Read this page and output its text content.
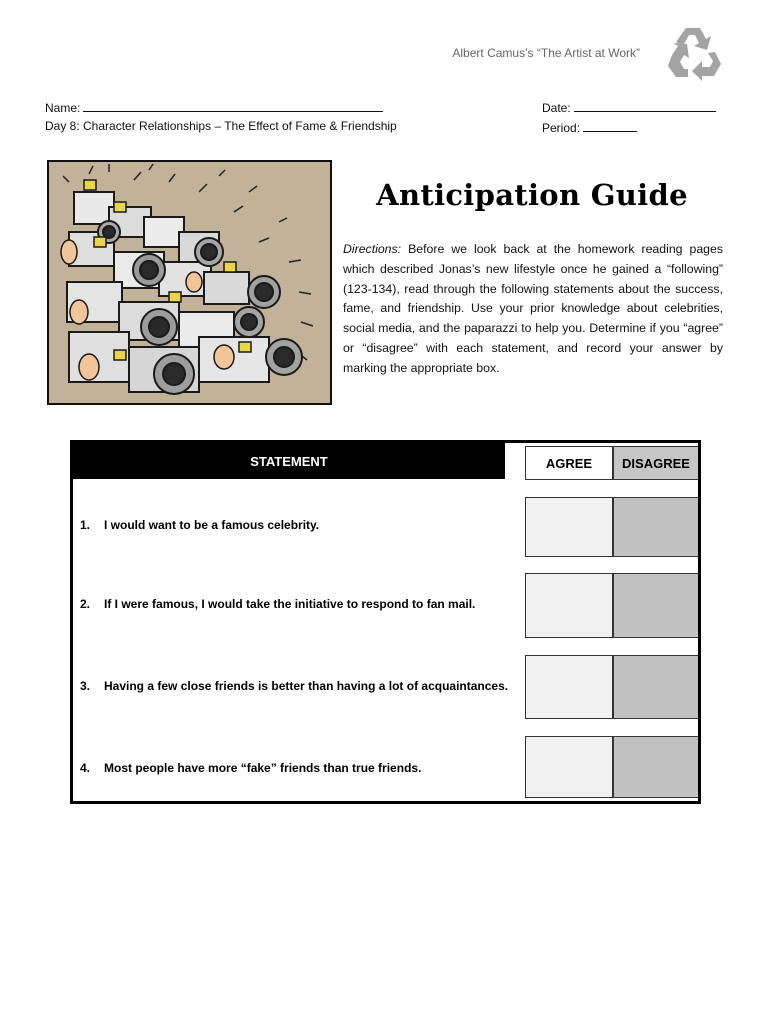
Albert Camus’s “The Artist at Work”
Name:	Date:
Day 8: Character Relationships – The Effect of Fame & Friendship	Period:
Anticipation Guide
Directions: Before we look back at the homework reading pages which described Jonas’s new lifestyle once he gained a “following” (123-134), read through the following statements about the success, fame, and friendship. Use your prior knowledge about celebrities, social media, and the paparazzi to help you. Determine if you “agree” or “disagree” with each statement, and record your answer by marking the appropriate box.
STATEMENT	AGREE	DISAGREE
1. I would want to be a famous celebrity.
2. If I were famous, I would take the initiative to respond to fan mail.
3. Having a few close friends is better than having a lot of acquaintances.
4. Most people have more “fake” friends than true friends.
